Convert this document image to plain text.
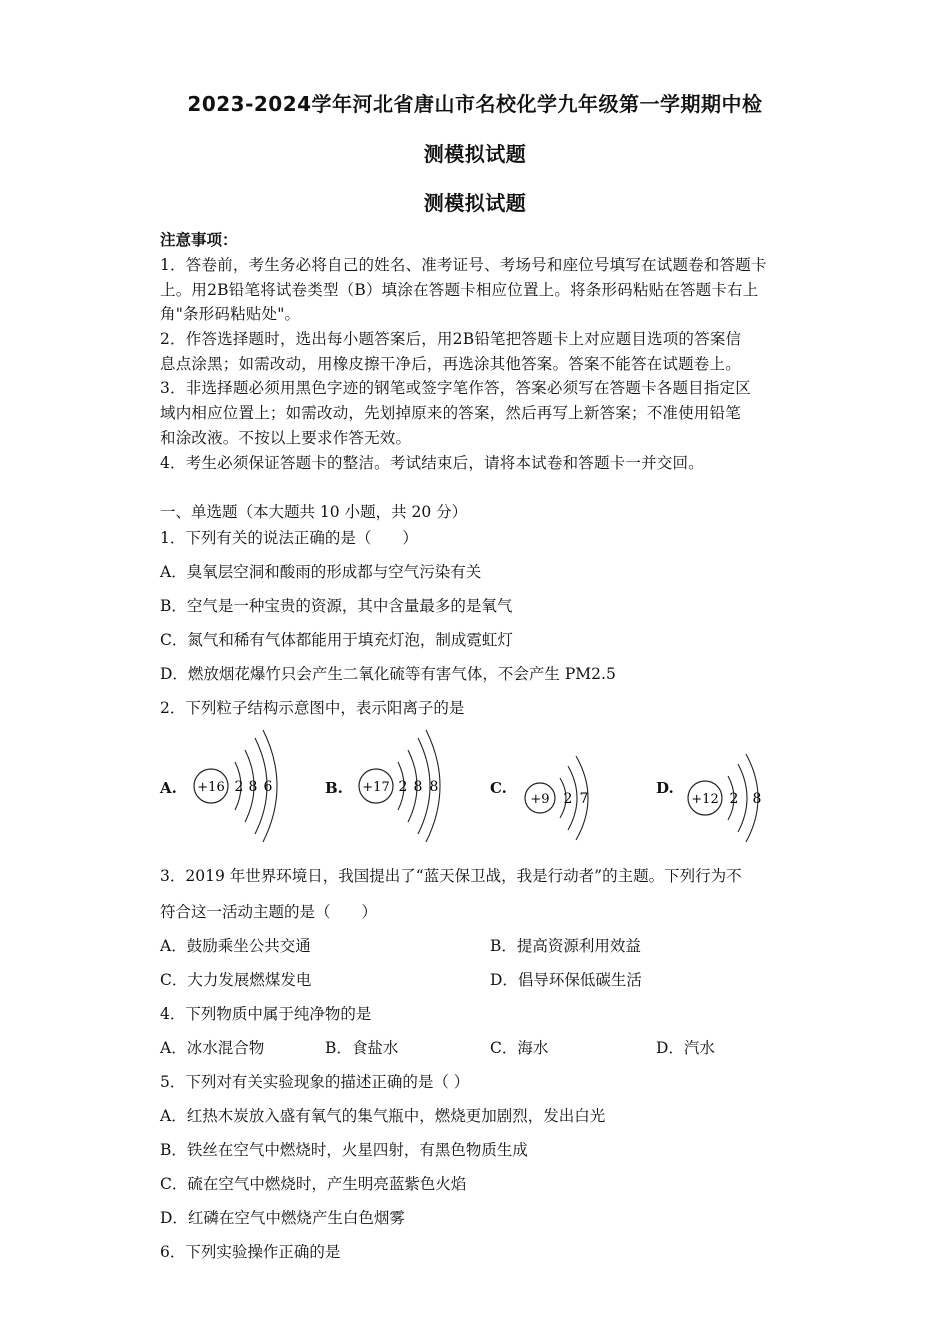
2023-2024学年河北省唐山市名校化学九年级第一学期期中检
测模拟试题
测模拟试题
注意事项：
1．答卷前，考生务必将自己的姓名、准考证号、考场号和座位号填写在试题卷和答题卡
上。用2B铅笔将试卷类型（B）填涂在答题卡相应位置上。将条形码粘贴在答题卡右上
角"条形码粘贴处"。
2．作答选择题时，选出每小题答案后，用2B铅笔把答题卡上对应题目选项的答案信
息点涂黑；如需改动，用橡皮擦干净后，再选涂其他答案。答案不能答在试题卷上。
3．非选择题必须用黑色字迹的钢笔或签字笔作答，答案必须写在答题卡各题目指定区
域内相应位置上；如需改动，先划掉原来的答案，然后再写上新答案；不准使用铅笔
和涂改液。不按以上要求作答无效。
4．考生必须保证答题卡的整洁。考试结束后，请将本试卷和答题卡一并交回。
一、单选题（本大题共 10 小题，共 20 分）
1．下列有关的说法正确的是（　　）
A．臭氧层空洞和酸雨的形成都与空气污染有关
B．空气是一种宝贵的资源，其中含量最多的是氧气
C．氮气和稀有气体都能用于填充灯泡，制成霓虹灯
D．燃放烟花爆竹只会产生二氧化硫等有害气体，不会产生 PM2.5
2．下列粒子结构示意图中，表示阳离子的是
A. +16 2 8 6	B. +17 2 8 8	C.
+9 2 7
D.
+12 2 8
3．2019 年世界环境日，我国提出了“蓝天保卫战，我是行动者”的主题。下列行为不
符合这一活动主题的是（　　）
A．鼓励乘坐公共交通	B．提高资源利用效益
C．大力发展燃煤发电	D．倡导环保低碳生活
4．下列物质中属于纯净物的是
A．冰水混合物	B．食盐水	C．海水	D．汽水
5．下列对有关实验现象的描述正确的是（ ）
A．红热木炭放入盛有氧气的集气瓶中，燃烧更加剧烈，发出白光
B．铁丝在空气中燃烧时，火星四射，有黑色物质生成
C．硫在空气中燃烧时，产生明亮蓝紫色火焰
D．红磷在空气中燃烧产生白色烟雾
6．下列实验操作正确的是
